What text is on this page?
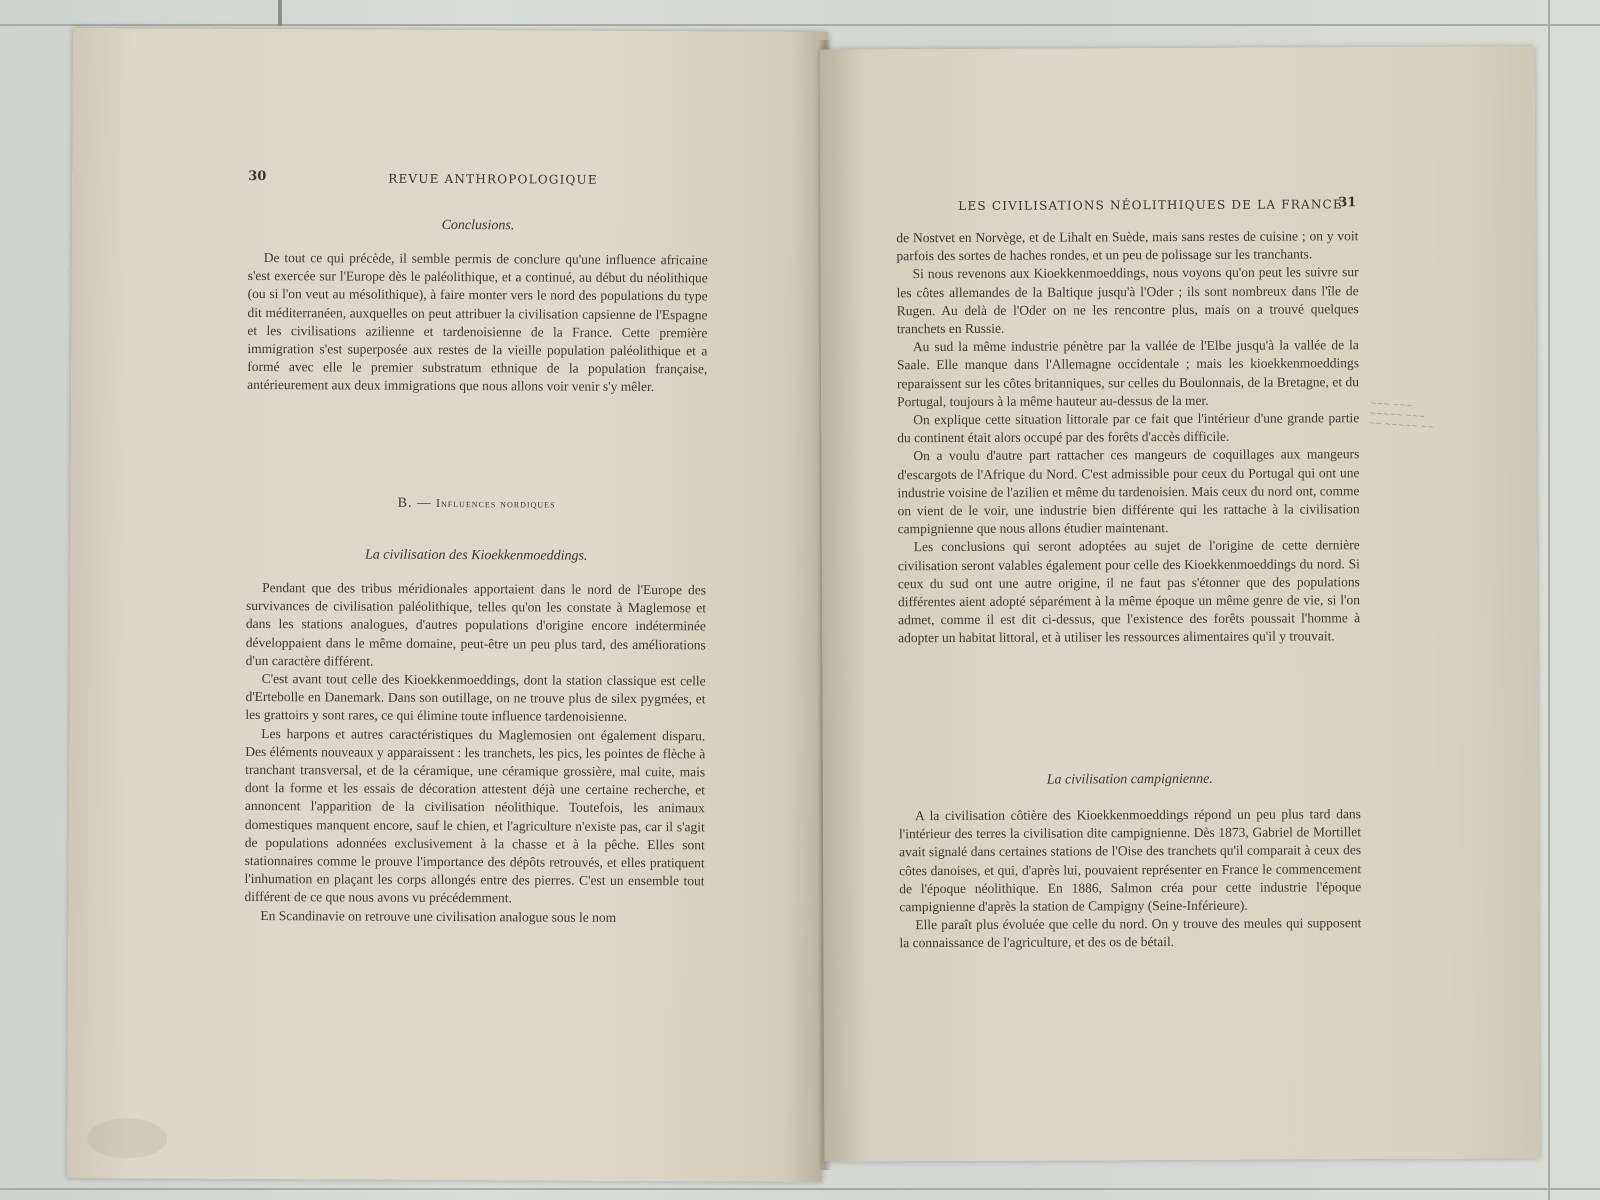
30	REVUE ANTHROPOLOGIQUE
Conclusions.

De tout ce qui précède, il semble permis de conclure qu'une influence africaine s'est exercée sur l'Europe dès le paléolithique, et a continué, au début du néolithique (ou si l'on veut au mésolithique), à faire monter vers le nord des populations du type dit méditerranéen, auxquelles on peut attribuer la civilisation capsienne de l'Espagne et les civilisations azilienne et tardenoisienne de la France. Cette première immigration s'est superposée aux restes de la vieille population paléolithique et a formé avec elle le premier substratum ethnique de la population française, antérieurement aux deux immigrations que nous allons voir venir s'y mêler.

B. — Influences nordiques
La civilisation des Kioekkenmoeddings.

Pendant que des tribus méridionales apportaient dans le nord de l'Europe des survivances de civilisation paléolithique, telles qu'on les constate à Maglemose et dans les stations analogues, d'autres populations d'origine encore indéterminée développaient dans le même domaine, peut-être un peu plus tard, des améliorations d'un caractère différent.

C'est avant tout celle des Kioekkenmoeddings, dont la station classique est celle d'Ertebolle en Danemark. Dans son outillage, on ne trouve plus de silex pygmées, et les grattoirs y sont rares, ce qui élimine toute influence tardenoisienne.

Les harpons et autres caractéristiques du Maglemosien ont également disparu. Des éléments nouveaux y apparaissent : les tranchets, les pics, les pointes de flèche à tranchant transversal, et de la céramique, une céramique grossière, mal cuite, mais dont la forme et les essais de décoration attestent déjà une certaine recherche, et annoncent l'apparition de la civilisation néolithique. Toutefois, les animaux domestiques manquent encore, sauf le chien, et l'agriculture n'existe pas, car il s'agit de populations adonnées exclusivement à la chasse et à la pêche. Elles sont stationnaires comme le prouve l'importance des dépôts retrouvés, et elles pratiquent l'inhumation en plaçant les corps allongés entre des pierres. C'est un ensemble tout différent de ce que nous avons vu précédemment.

En Scandinavie on retrouve une civilisation analogue sous le nom

LES CIVILISATIONS NÉOLITHIQUES DE LA FRANCE
31

de Nostvet en Norvège, et de Lihalt en Suède, mais sans restes de cuisine ; on y voit parfois des sortes de haches rondes, et un peu de polissage sur les tranchants.

Si nous revenons aux Kioekkenmoeddings, nous voyons qu'on peut les suivre sur les côtes allemandes de la Baltique jusqu'à l'Oder ; ils sont nombreux dans l'île de Rugen. Au delà de l'Oder on ne les rencontre plus, mais on a trouvé quelques tranchets en Russie.

Au sud la même industrie pénètre par la vallée de l'Elbe jusqu'à la vallée de la Saale. Elle manque dans l'Allemagne occidentale ; mais les kioekkenmoeddings reparaissent sur les côtes britanniques, sur celles du Boulonnais, de la Bretagne, et du Portugal, toujours à la même hauteur au-dessus de la mer.

On explique cette situation littorale par ce fait que l'intérieur d'une grande partie du continent était alors occupé par des forêts d'accès difficile.

On a voulu d'autre part rattacher ces mangeurs de coquillages aux mangeurs d'escargots de l'Afrique du Nord. C'est admissible pour ceux du Portugal qui ont une industrie voisine de l'azilien et même du tardenoisien. Mais ceux du nord ont, comme on vient de le voir, une industrie bien différente qui les rattache à la civilisation campignienne que nous allons étudier maintenant.

Les conclusions qui seront adoptées au sujet de l'origine de cette dernière civilisation seront valables également pour celle des Kioekkenmoeddings du nord. Si ceux du sud ont une autre origine, il ne faut pas s'étonner que des populations différentes aient adopté séparément à la même époque un même genre de vie, si l'on admet, comme il est dit ci-dessus, que l'existence des forêts poussait l'homme à adopter un habitat littoral, et à utiliser les ressources alimentaires qu'il y trouvait.

La civilisation campignienne.

A la civilisation côtière des Kioekkenmoeddings répond un peu plus tard dans l'intérieur des terres la civilisation dite campignienne. Dès 1873, Gabriel de Mortillet avait signalé dans certaines stations de l'Oise des tranchets qu'il comparait à ceux des côtes danoises, et qui, d'après lui, pouvaient représenter en France le commencement de l'époque néolithique. En 1886, Salmon créa pour cette industrie l'époque campignienne d'après la station de Campigny (Seine-Inférieure).

Elle paraît plus évoluée que celle du nord. On y trouve des meules qui supposent la connaissance de l'agriculture, et des os de bétail.

~~~ ~~~
~~~~~ ~~~
~~ ~~~~~ ~~
